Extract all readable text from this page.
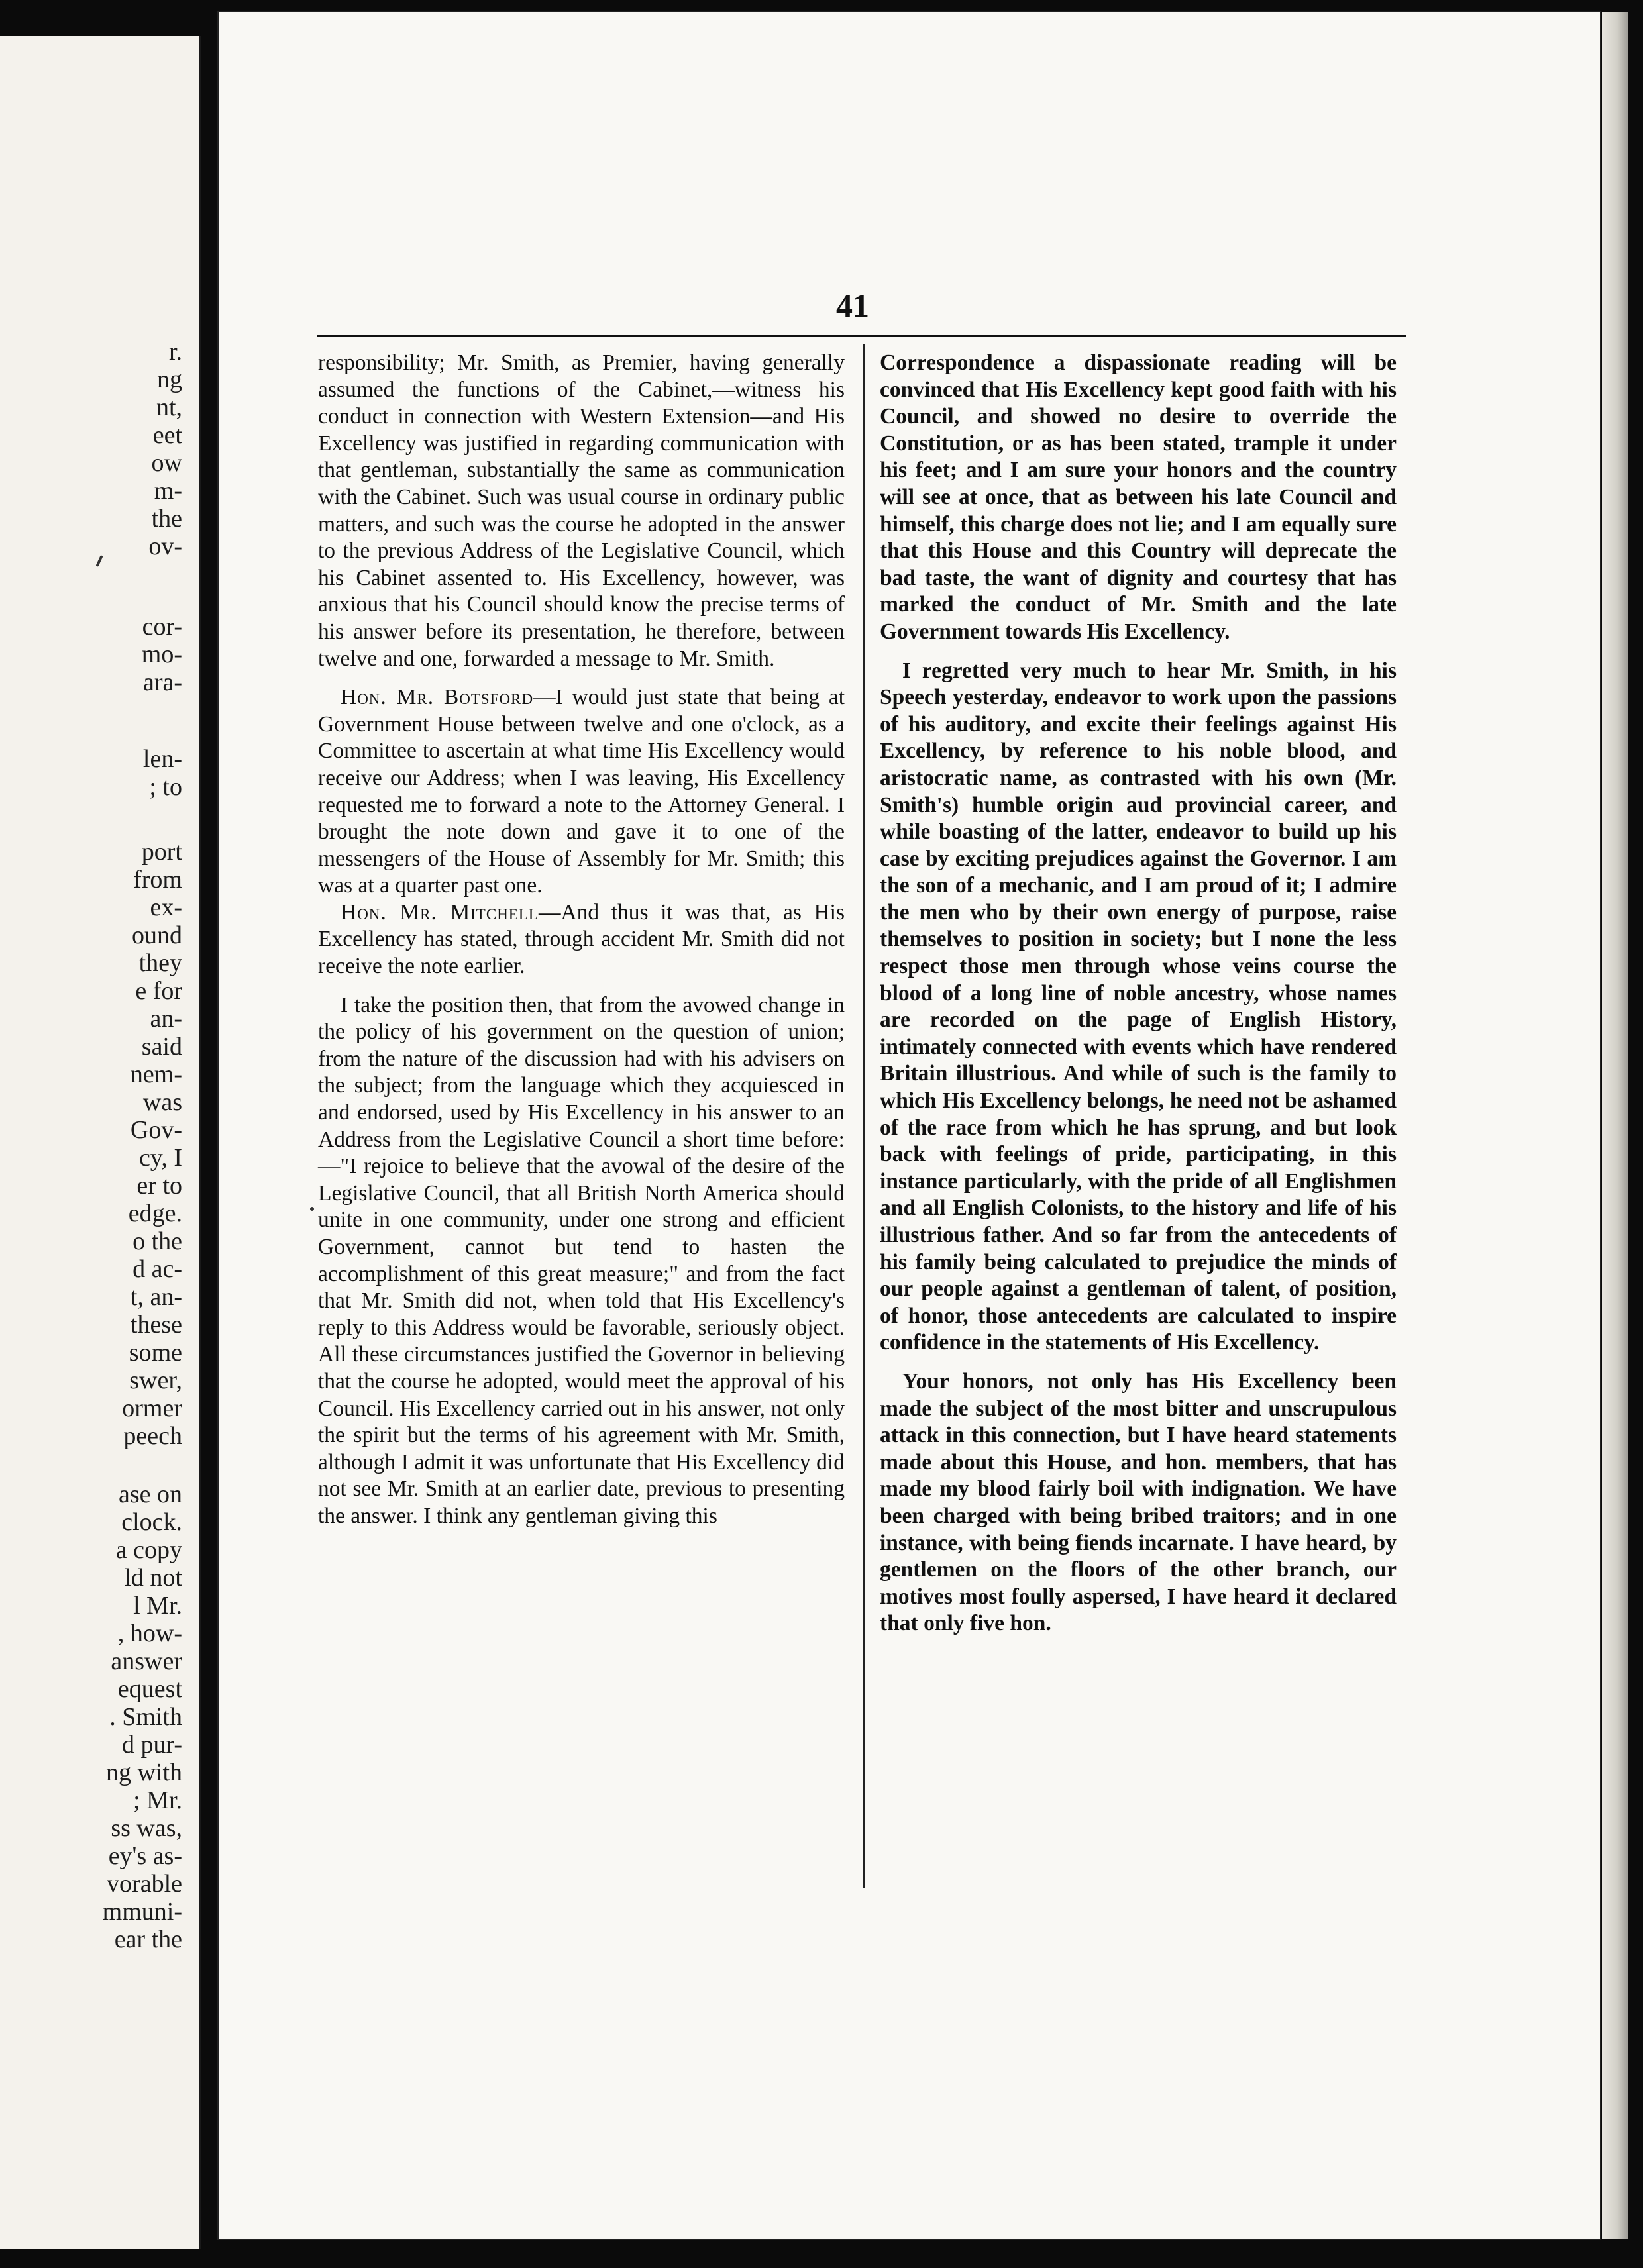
r.
ng
nt,
eet
ow
m-
the
ov-
cor-
mo-
ara-
len-
; to
port
from
ex-
ound
they
e for
an-
said
nem-
was
Gov-
cy, I
er to
edge.
o the
d ac-
t, an-
these
some
swer,
ormer
peech
ase on
clock.
a copy
ld not
l Mr.
, how-
answer
equest
. Smith
d pur-
ng with
; Mr.
ss was,
ey's as-
vorable
mmuni-
ear the
41

responsibility; Mr. Smith, as Premier, having generally assumed the functions of the Cabinet,—witness his conduct in connection with Western Extension—and His Excellency was justified in regarding communication with that gentleman, substantially the same as communication with the Cabinet. Such was usual course in ordinary public matters, and such was the course he adopted in the answer to the previous Address of the Legislative Council, which his Cabinet assented to. His Excellency, however, was anxious that his Council should know the precise terms of his answer before its presentation, he therefore, between twelve and one, forwarded a message to Mr. Smith.

Hon. Mr. Botsford—I would just state that being at Government House between twelve and one o'clock, as a Committee to ascertain at what time His Excellency would receive our Address; when I was leaving, His Excellency requested me to forward a note to the Attorney General. I brought the note down and gave it to one of the messengers of the House of Assembly for Mr. Smith; this was at a quarter past one.

Hon. Mr. Mitchell—And thus it was that, as His Excellency has stated, through accident Mr. Smith did not receive the note earlier.

I take the position then, that from the avowed change in the policy of his government on the question of union; from the nature of the discussion had with his advisers on the subject; from the language which they acquiesced in and endorsed, used by His Excellency in his answer to an Address from the Legislative Council a short time before:—"I rejoice to believe that the avowal of the desire of the Legislative Council, that all British North America should unite in one community, under one strong and efficient Government, cannot but tend to hasten the accomplishment of this great measure;" and from the fact that Mr. Smith did not, when told that His Excellency's reply to this Address would be favorable, seriously object. All these circumstances justified the Governor in believing that the course he adopted, would meet the approval of his Council. His Excellency carried out in his answer, not only the spirit but the terms of his agreement with Mr. Smith, although I admit it was unfortunate that His Excellency did not see Mr. Smith at an earlier date, previous to presenting the answer. I think any gentleman giving this

Correspondence a dispassionate reading will be convinced that His Excellency kept good faith with his Council, and showed no desire to override the Constitution, or as has been stated, trample it under his feet; and I am sure your honors and the country will see at once, that as between his late Council and himself, this charge does not lie; and I am equally sure that this House and this Country will deprecate the bad taste, the want of dignity and courtesy that has marked the conduct of Mr. Smith and the late Government towards His Excellency.

I regretted very much to hear Mr. Smith, in his Speech yesterday, endeavor to work upon the passions of his auditory, and excite their feelings against His Excellency, by reference to his noble blood, and aristocratic name, as contrasted with his own (Mr. Smith's) humble origin aud provincial career, and while boasting of the latter, endeavor to build up his case by exciting prejudices against the Governor. I am the son of a mechanic, and I am proud of it; I admire the men who by their own energy of purpose, raise themselves to position in society; but I none the less respect those men through whose veins course the blood of a long line of noble ancestry, whose names are recorded on the page of English History, intimately connected with events which have rendered Britain illustrious. And while of such is the family to which His Excellency belongs, he need not be ashamed of the race from which he has sprung, and but look back with feelings of pride, participating, in this instance particularly, with the pride of all Englishmen and all English Colonists, to the history and life of his illustrious father. And so far from the antecedents of his family being calculated to prejudice the minds of our people against a gentleman of talent, of position, of honor, those antecedents are calculated to inspire confidence in the statements of His Excellency.

Your honors, not only has His Excellency been made the subject of the most bitter and unscrupulous attack in this connection, but I have heard statements made about this House, and hon. members, that has made my blood fairly boil with indignation. We have been charged with being bribed traitors; and in one instance, with being fiends incarnate. I have heard, by gentlemen on the floors of the other branch, our motives most foully aspersed, I have heard it declared that only five hon.
